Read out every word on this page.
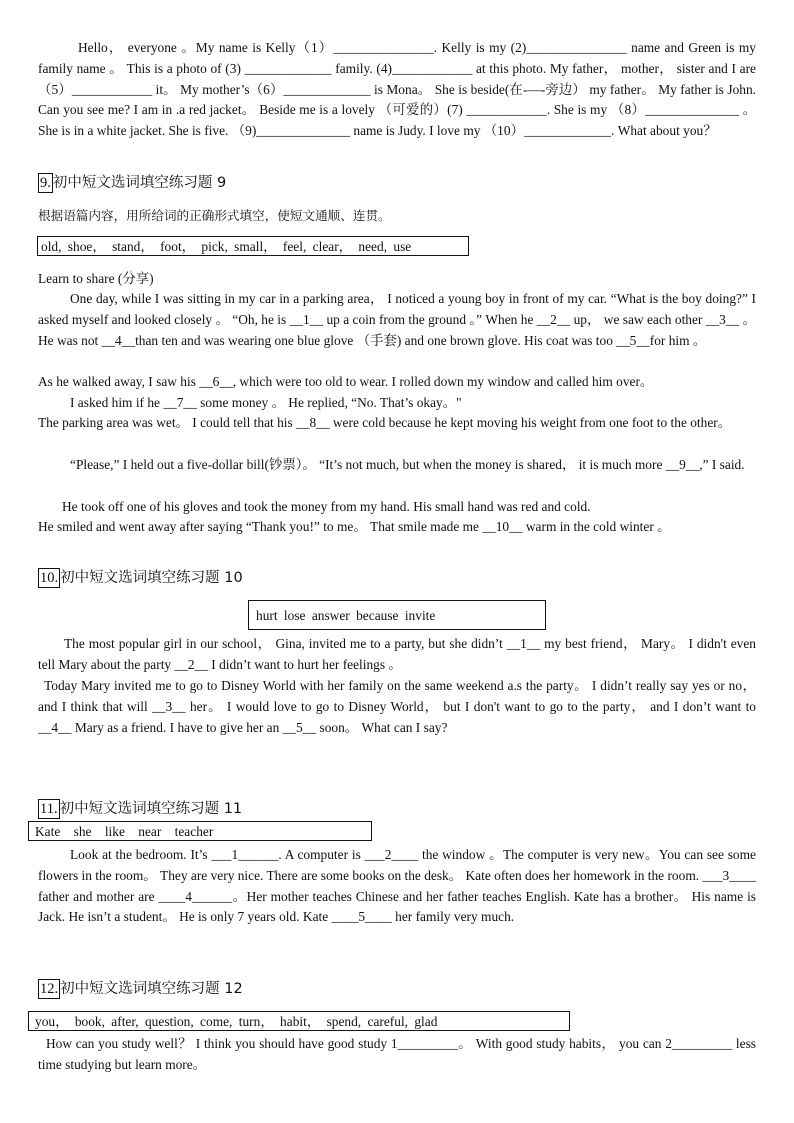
Hello， everyone 。My name is Kelly（1）_______________. Kelly is my (2)_______________ name and Green is my family name 。 This is a photo of (3) _____________ family. (4)____________ at this photo. My father， mother， sister and I are （5）____________ it。 My mother’s（6）_____________ is Mona。 She is beside(在-—-旁边） my father。 My father is John. Can you see me? I am in .a red jacket。 Beside me is a lovely （可爱的）(7) ____________. She is my （8）______________ 。 She is in a white jacket. She is five. （9)______________ name is Judy. I love my （10）_____________. What about you？
9. 初中短文选词填空练习题 9
根据语篇内容，用所给词的正确形式填空，使短文通顺、连贯。
old, shoe， stand， foot， pick, small， feel, clear， need, use
Learn to share (分享)
One day, while I was sitting in my car in a parking area， I noticed a young boy in front of my car. “What is the boy doing?” I asked myself and looked closely 。 “Oh, he is __1__ up a coin from the ground 。” When he __2__ up， we saw each other __3__ 。 He was not __4__than ten and was wearing one blue glove （手套) and one brown glove. His coat was too __5__for him 。
As he walked away, I saw his __6__, which were too old to wear. I rolled down my window and called him over。
I asked him if he __7__ some money 。 He replied, “No. That’s okay。"
The parking area was wet。 I could tell that his __8__ were cold because he kept moving his weight from one foot to the other。
“Please,” I held out a five-dollar bill(钞票）。 “It’s not much, but when the money is shared， it is much more __9__,” I said.
He took off one of his gloves and took the money from my hand. His small hand was red and cold.
He smiled and went away after saying “Thank you!” to me。 That smile made me __10__ warm in the cold winter 。
10. 初中短文选词填空练习题 10
hurt lose answer because invite
The most popular girl in our school， Gina, invited me to a party, but she didn’t __1__ my best friend， Mary。 I didn't even tell Mary about the party __2__ I didn’t want to hurt her feelings 。
Today Mary invited me to go to Disney World with her family on the same weekend a.s the party。 I didn’t really say yes or no， and I think that will __3__ her。 I would love to go to Disney World， but I don't want to go to the party， and I don’t want to __4__ Mary as a friend. I have to give her an __5__ soon。 What can I say?
11. 初中短文选词填空练习题 11
Kate she like near teacher
Look at the bedroom. It’s ___1______. A computer is ___2____ the window 。The computer is very new。You can see some flowers in the room。 They are very nice. There are some books on the desk。 Kate often does her homework in the room. ___3____ father and mother are ____4______。Her mother teaches Chinese and her father teaches English. Kate has a brother。 His name is Jack. He isn’t a student。 He is only 7 years old. Kate ____5____ her family very much.
12. 初中短文选词填空练习题 12
you， book, after, question, come, turn， habit， spend, careful, glad
How can you study well？ I think you should have good study 1_________。 With good study habits， you can 2_________ less time studying but learn more。
